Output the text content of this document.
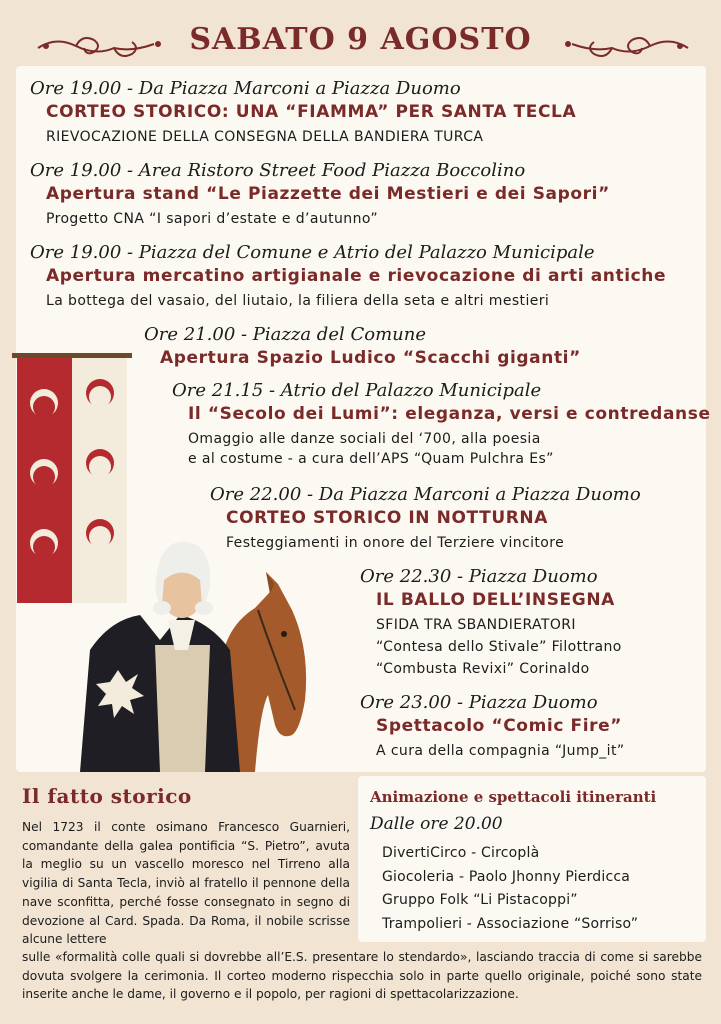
SABATO 9 AGOSTO
Ore 19.00 - Da Piazza Marconi a Piazza Duomo
CORTEO STORICO: UNA “FIAMMA” PER SANTA TECLA
RIEVOCAZIONE DELLA CONSEGNA DELLA BANDIERA TURCA
Ore 19.00 - Area Ristoro Street Food Piazza Boccolino
Apertura stand “Le Piazzette dei Mestieri e dei Sapori”
Progetto CNA “I sapori d’estate e d’autunno”
Ore 19.00 - Piazza del Comune e Atrio del Palazzo Municipale
Apertura mercatino artigianale e rievocazione di arti antiche
La bottega del vasaio, del liutaio, la filiera della seta e altri mestieri
Ore 21.00 - Piazza del Comune
Apertura Spazio Ludico “Scacchi giganti”
Ore 21.15 - Atrio del Palazzo Municipale
Il “Secolo dei Lumi”: eleganza, versi e contredanse
Omaggio alle danze sociali del ‘700, alla poesia
e al costume - a cura dell’APS “Quam Pulchra Es”
Ore 22.00 - Da Piazza Marconi a Piazza Duomo
CORTEO STORICO IN NOTTURNA
Festeggiamenti in onore del Terziere vincitore
Ore 22.30 - Piazza Duomo
IL BALLO DELL’INSEGNA
SFIDA TRA SBANDIERATORI
“Contesa dello Stivale” Filottrano
“Combusta Revixi” Corinaldo
Ore 23.00 - Piazza Duomo
Spettacolo “Comic Fire”
A cura della compagnia “Jump_it”
Il fatto storico
Nel 1723 il conte osimano Francesco Guarnieri, comandante della galea pontificia “S. Pietro”, avuta la meglio su un vascello moresco nel Tirreno alla vigilia di Santa Tecla, inviò al fratello il pennone della nave sconfitta, perché fosse consegnato in segno di devozione al Card. Spada. Da Roma, il nobile scrisse alcune lettere
sulle «formalità colle quali si dovrebbe all’E.S. presentare lo stendardo», lasciando traccia di come si sarebbe dovuta svolgere la cerimonia. Il corteo moderno rispecchia solo in parte quello originale, poiché sono state inserite anche le dame, il governo e il popolo, per ragioni di spettacolarizzazione.
Animazione e spettacoli itineranti
Dalle ore 20.00
DivertiCirco - Circoplà
Giocoleria - Paolo Jhonny Pierdicca
Gruppo Folk “Li Pistacoppi”
Trampolieri - Associazione “Sorriso”
